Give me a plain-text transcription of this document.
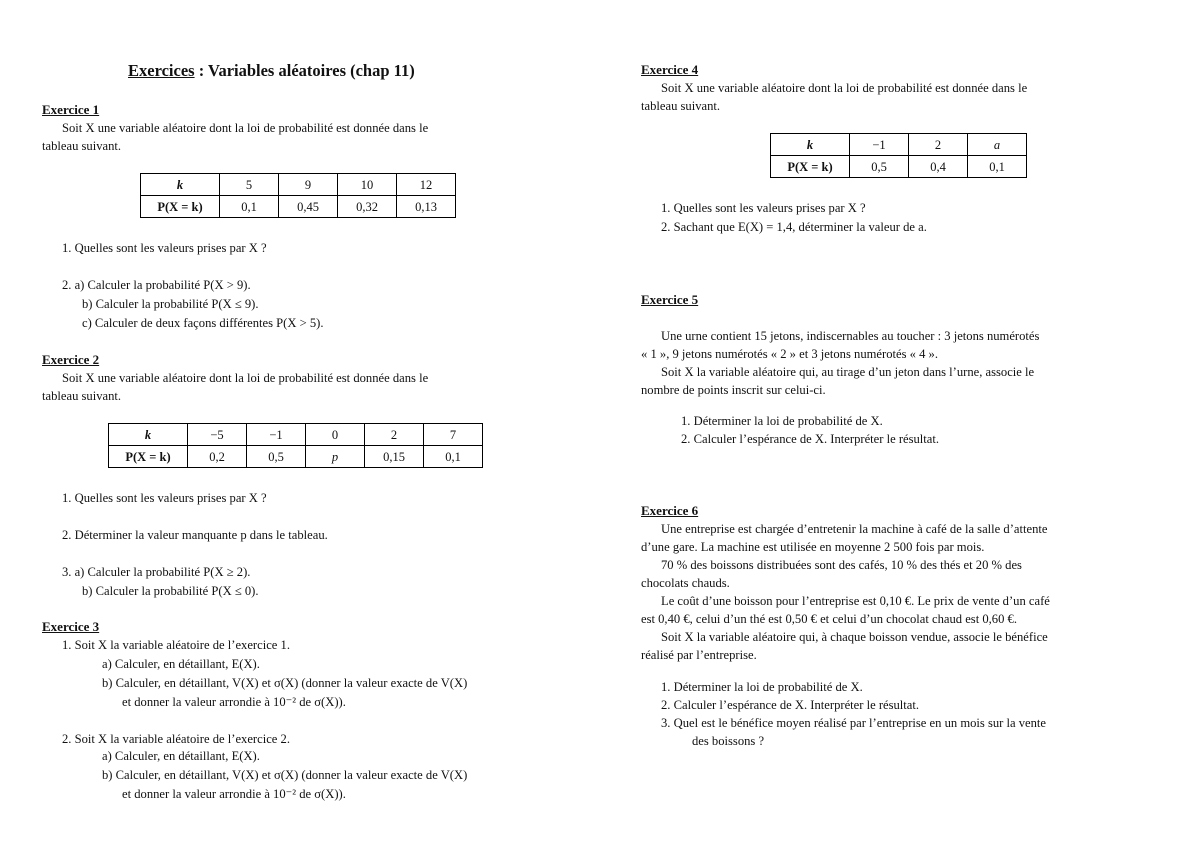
Exercices : Variables aléatoires (chap 11)
Exercice 1
Soit X une variable aléatoire dont la loi de probabilité est donnée dans le
tableau suivant.
k	5	9	10	12
P(X = k)	0,1	0,45	0,32	0,13
1. Quelles sont les valeurs prises par X ?
2. a) Calculer la probabilité P(X > 9).
b) Calculer la probabilité P(X ≤ 9).
c) Calculer de deux façons différentes P(X > 5).
Exercice 2
Soit X une variable aléatoire dont la loi de probabilité est donnée dans le
tableau suivant.
k	−5	−1	0	2	7
P(X = k)	0,2	0,5	p	0,15	0,1
1. Quelles sont les valeurs prises par X ?
2. Déterminer la valeur manquante p dans le tableau.
3. a) Calculer la probabilité P(X ≥ 2).
b) Calculer la probabilité P(X ≤ 0).
Exercice 3
1. Soit X la variable aléatoire de l’exercice 1.
a) Calculer, en détaillant, E(X).
b) Calculer, en détaillant, V(X) et σ(X) (donner la valeur exacte de V(X)
et donner la valeur arrondie à 10⁻² de σ(X)).
2. Soit X la variable aléatoire de l’exercice 2.
a) Calculer, en détaillant, E(X).
b) Calculer, en détaillant, V(X) et σ(X) (donner la valeur exacte de V(X)
et donner la valeur arrondie à 10⁻² de σ(X)).
Exercice 4
Soit X une variable aléatoire dont la loi de probabilité est donnée dans le
tableau suivant.
k	−1	2	a
P(X = k)	0,5	0,4	0,1
1. Quelles sont les valeurs prises par X ?
2. Sachant que E(X) = 1,4, déterminer la valeur de a.
Exercice 5
Une urne contient 15 jetons, indiscernables au toucher : 3 jetons numérotés
« 1 », 9 jetons numérotés « 2 » et 3 jetons numérotés « 4 ».
Soit X la variable aléatoire qui, au tirage d’un jeton dans l’urne, associe le
nombre de points inscrit sur celui-ci.
1. Déterminer la loi de probabilité de X.
2. Calculer l’espérance de X. Interpréter le résultat.
Exercice 6
Une entreprise est chargée d’entretenir la machine à café de la salle d’attente
d’une gare. La machine est utilisée en moyenne 2 500 fois par mois.
70 % des boissons distribuées sont des cafés, 10 % des thés et 20 % des
chocolats chauds.
Le coût d’une boisson pour l’entreprise est 0,10 €. Le prix de vente d’un café
est 0,40 €, celui d’un thé est 0,50 € et celui d’un chocolat chaud est 0,60 €.
Soit X la variable aléatoire qui, à chaque boisson vendue, associe le bénéfice
réalisé par l’entreprise.
1. Déterminer la loi de probabilité de X.
2. Calculer l’espérance de X. Interpréter le résultat.
3. Quel est le bénéfice moyen réalisé par l’entreprise en un mois sur la vente
des boissons ?
